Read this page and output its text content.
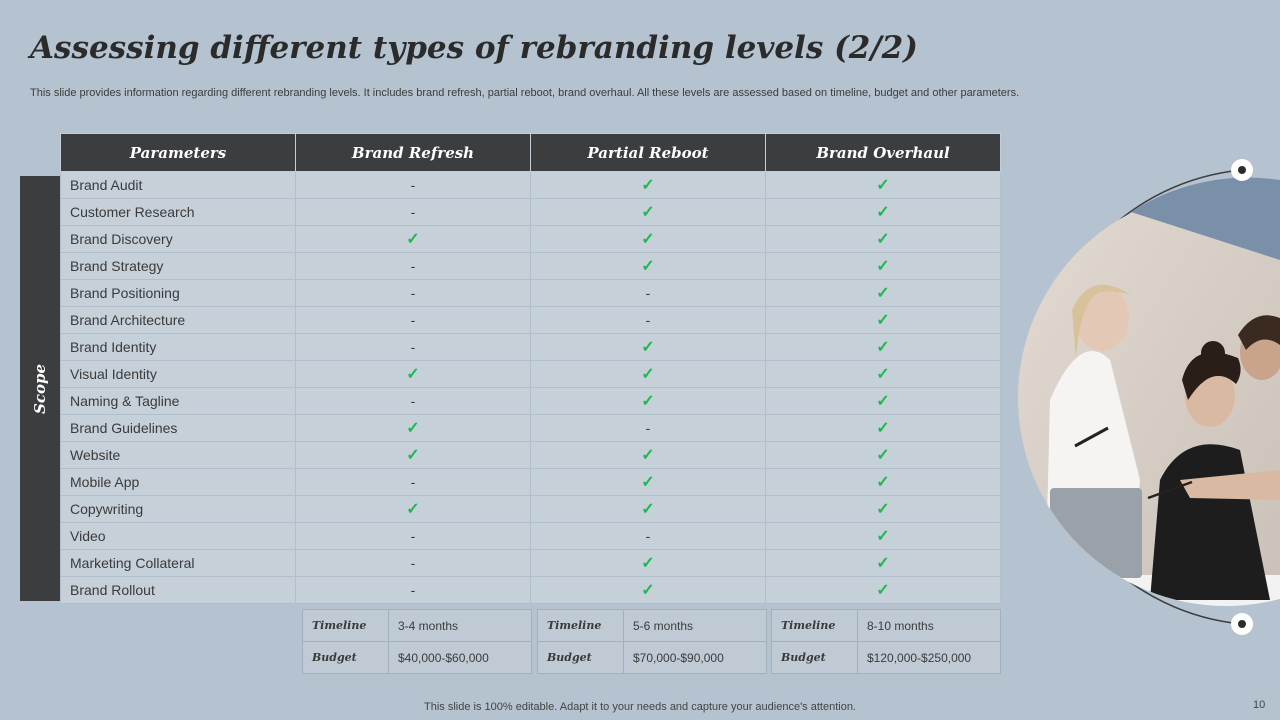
Assessing different types of rebranding levels (2/2)
This slide provides information regarding different rebranding levels. It includes brand refresh, partial reboot, brand overhaul. All these levels are assessed based on timeline, budget and other parameters.
Scope
Parameters	Brand Refresh	Partial Reboot	Brand Overhaul
Brand Audit	-	✓	✓
Customer Research	-	✓	✓
Brand Discovery	✓	✓	✓
Brand Strategy	-	✓	✓
Brand Positioning	-	-	✓
Brand Architecture	-	-	✓
Brand Identity	-	✓	✓
Visual Identity	✓	✓	✓
Naming & Tagline	-	✓	✓
Brand Guidelines	✓	-	✓
Website	✓	✓	✓
Mobile App	-	✓	✓
Copywriting	✓	✓	✓
Video	-	-	✓
Marketing Collateral	-	✓	✓
Brand Rollout	-	✓	✓
Timeline	3-4 months
Budget	$40,000-$60,000
Timeline	5-6 months
Budget	$70,000-$90,000
Timeline	8-10 months
Budget	$120,000-$250,000
This slide is 100% editable. Adapt it to your needs and capture your audience's attention.	10
